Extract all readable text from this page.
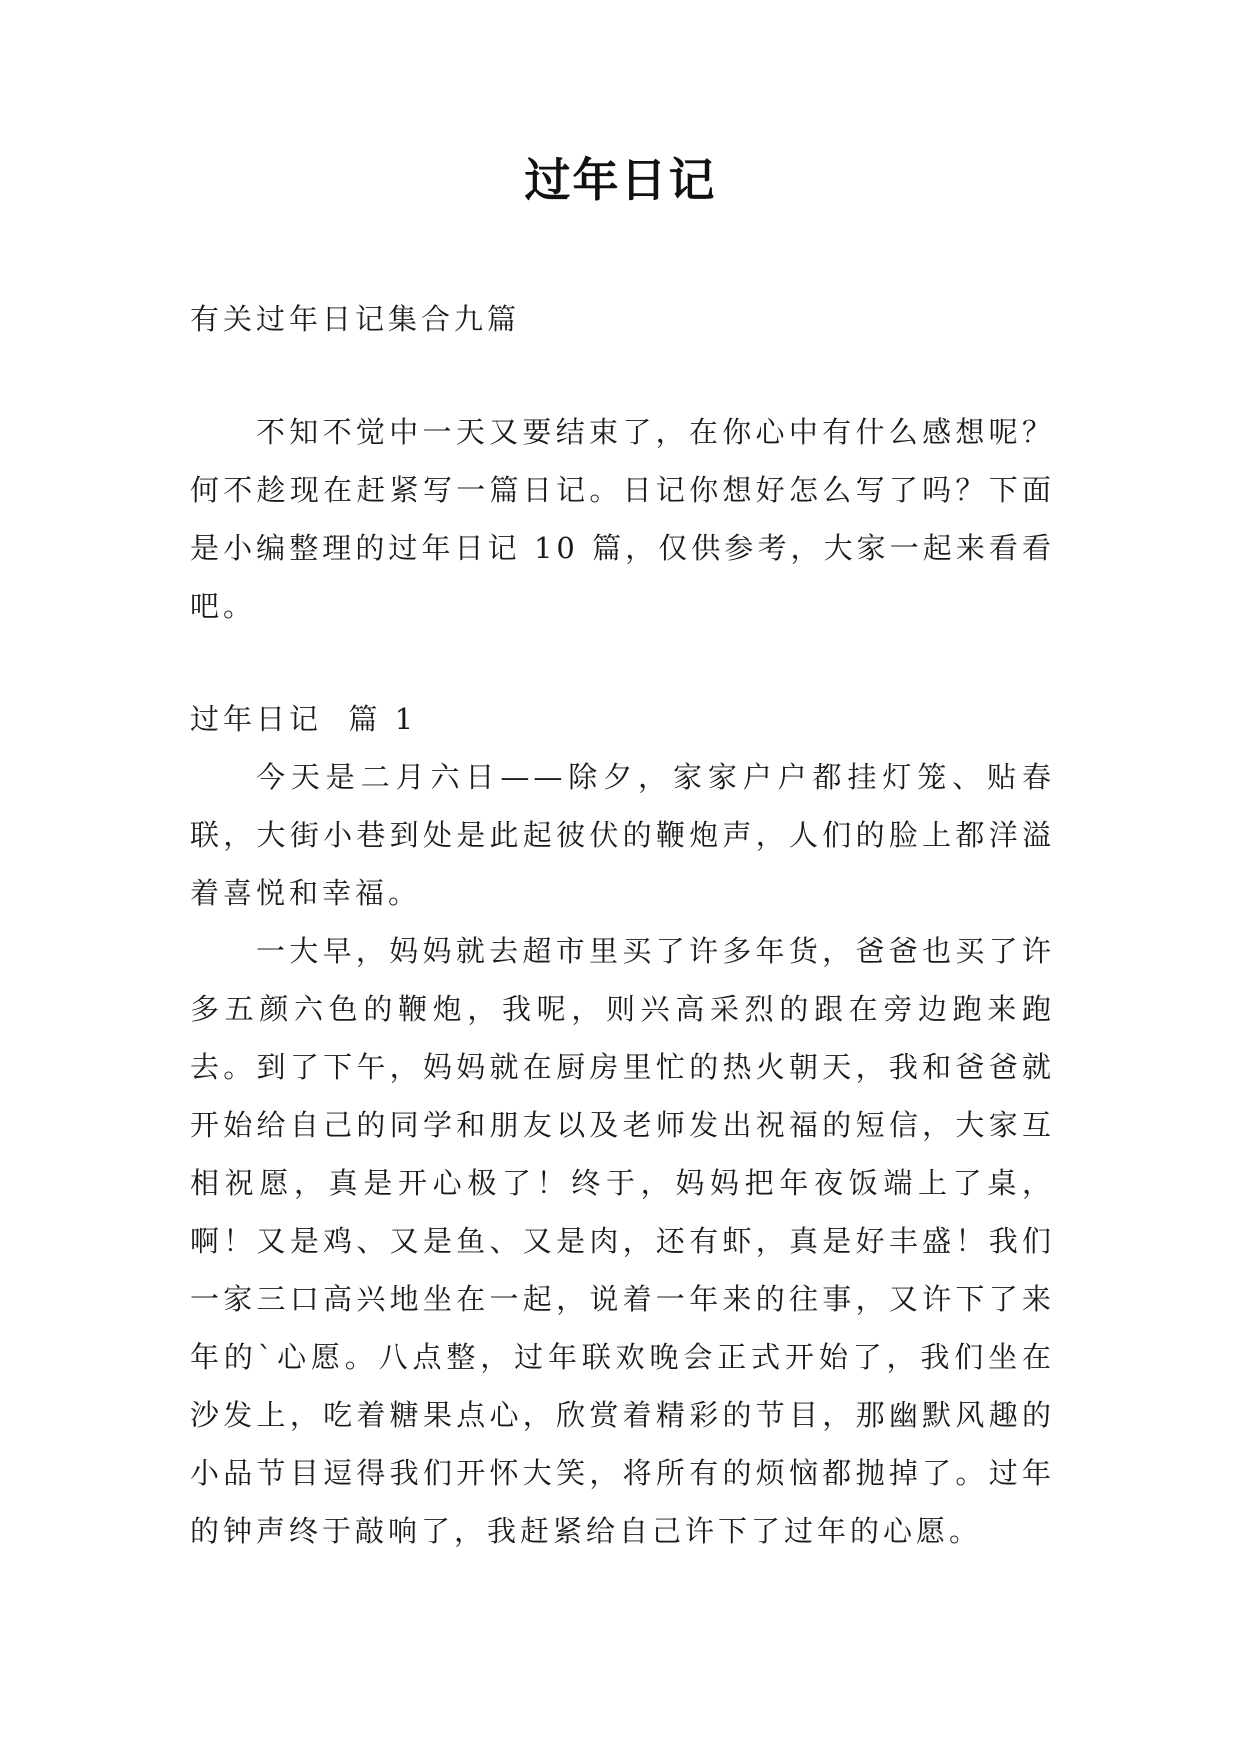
过年日记

有关过年日记集合九篇

不知不觉中一天又要结束了，在你心中有什么感想呢？何不趁现在赶紧写一篇日记。日记你想好怎么写了吗？下面是小编整理的过年日记 10 篇，仅供参考，大家一起来看看吧。

过年日记  篇 1

今天是二月六日——除夕，家家户户都挂灯笼、贴春联，大街小巷到处是此起彼伏的鞭炮声，人们的脸上都洋溢着喜悦和幸福。

一大早，妈妈就去超市里买了许多年货，爸爸也买了许多五颜六色的鞭炮，我呢，则兴高采烈的跟在旁边跑来跑去。到了下午，妈妈就在厨房里忙的热火朝天，我和爸爸就开始给自己的同学和朋友以及老师发出祝福的短信，大家互相祝愿，真是开心极了！终于，妈妈把年夜饭端上了桌，啊！又是鸡、又是鱼、又是肉，还有虾，真是好丰盛！我们一家三口高兴地坐在一起，说着一年来的往事，又许下了来年的`心愿。八点整，过年联欢晚会正式开始了，我们坐在沙发上，吃着糖果点心，欣赏着精彩的节目，那幽默风趣的小品节目逗得我们开怀大笑，将所有的烦恼都抛掉了。过年的钟声终于敲响了，我赶紧给自己许下了过年的心愿。
